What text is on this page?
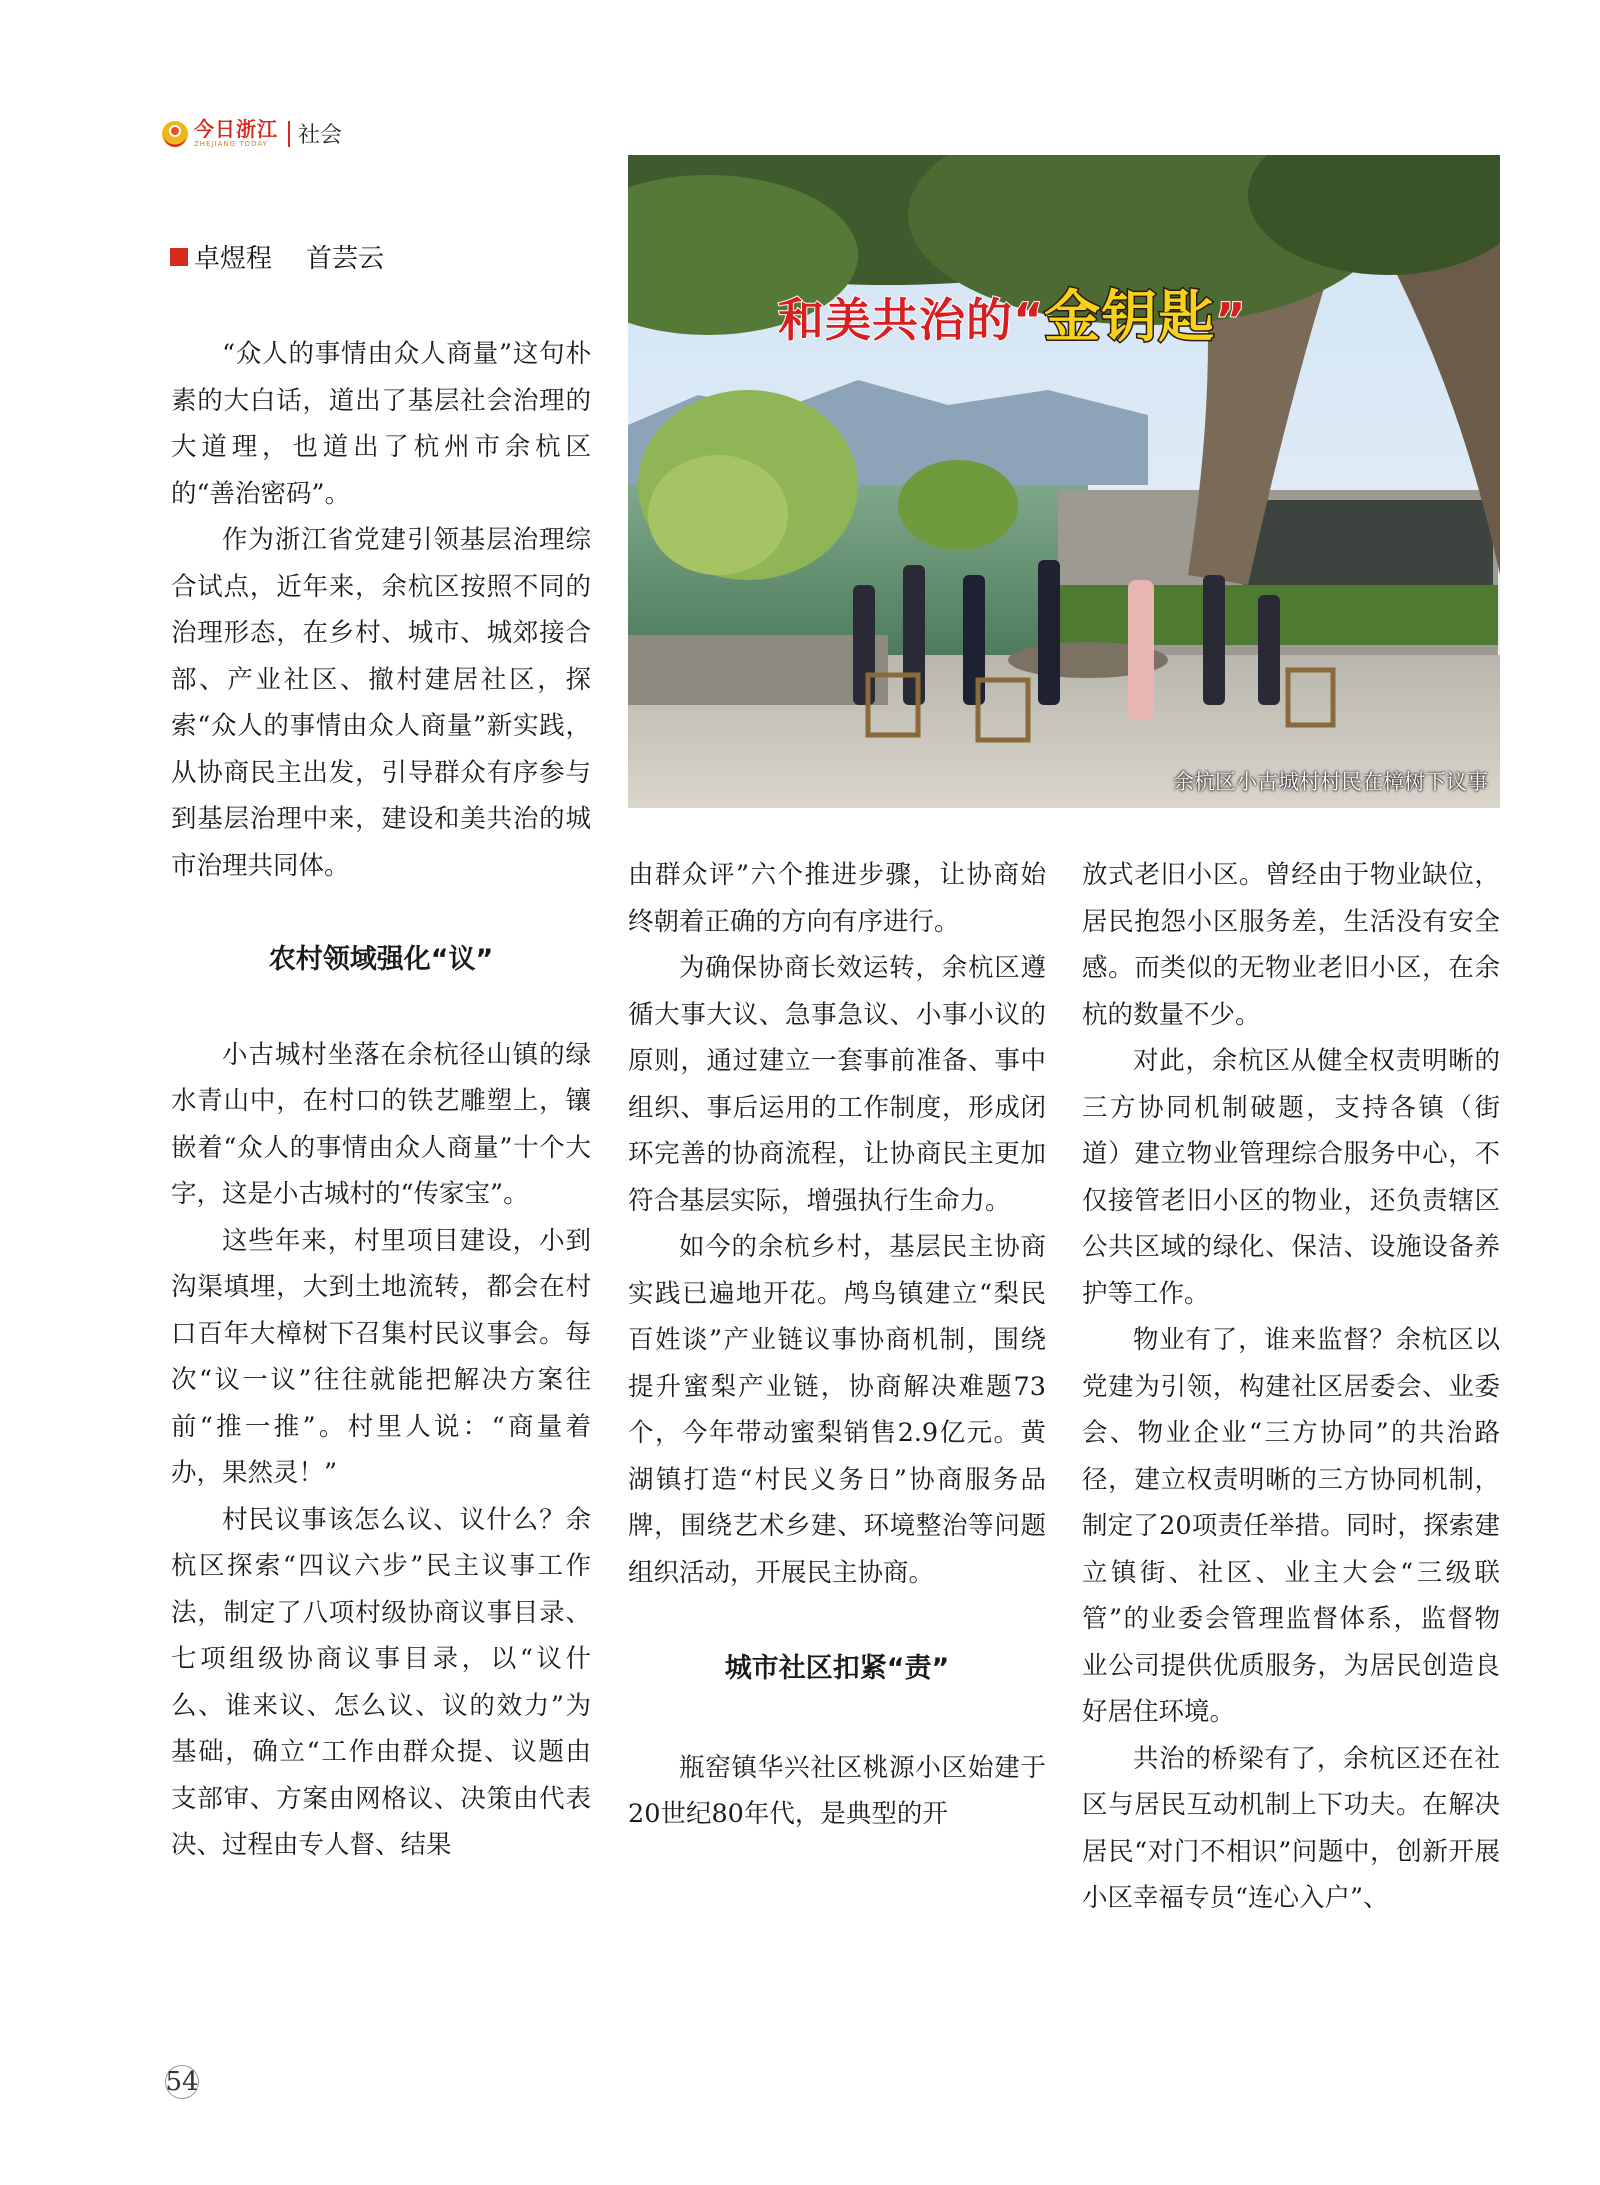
今日浙江
ZHEJIANG TODAY	社会
卓煜程 首芸云
和美共治的“金钥匙”
余杭区小古城村村民在樟树下议事

“众人的事情由众人商量”这句朴素的大白话，道出了基层社会治理的大道理，也道出了杭州市余杭区的“善治密码”。

作为浙江省党建引领基层治理综合试点，近年来，余杭区按照不同的治理形态，在乡村、城市、城郊接合部、产业社区、撤村建居社区，探索“众人的事情由众人商量”新实践，从协商民主出发，引导群众有序参与到基层治理中来，建设和美共治的城市治理共同体。

农村领域强化“议”

小古城村坐落在余杭径山镇的绿水青山中，在村口的铁艺雕塑上，镶嵌着“众人的事情由众人商量”十个大字，这是小古城村的“传家宝”。

这些年来，村里项目建设，小到沟渠填埋，大到土地流转，都会在村口百年大樟树下召集村民议事会。每次“议一议”往往就能把解决方案往前“推一推”。村里人说：“商量着办，果然灵！”

村民议事该怎么议、议什么？余杭区探索“四议六步”民主议事工作法，制定了八项村级协商议事目录、七项组级协商议事目录，以“议什么、谁来议、怎么议、议的效力”为基础，确立“工作由群众提、议题由支部审、方案由网格议、决策由代表决、过程由专人督、结果

由群众评”六个推进步骤，让协商始终朝着正确的方向有序进行。

为确保协商长效运转，余杭区遵循大事大议、急事急议、小事小议的原则，通过建立一套事前准备、事中组织、事后运用的工作制度，形成闭环完善的协商流程，让协商民主更加符合基层实际，增强执行生命力。

如今的余杭乡村，基层民主协商实践已遍地开花。鸬鸟镇建立“梨民百姓谈”产业链议事协商机制，围绕提升蜜梨产业链，协商解决难题73个，今年带动蜜梨销售2.9亿元。黄湖镇打造“村民义务日”协商服务品牌，围绕艺术乡建、环境整治等问题组织活动，开展民主协商。

城市社区扣紧“责”

瓶窑镇华兴社区桃源小区始建于20世纪80年代，是典型的开

放式老旧小区。曾经由于物业缺位，居民抱怨小区服务差，生活没有安全感。而类似的无物业老旧小区，在余杭的数量不少。

对此，余杭区从健全权责明晰的三方协同机制破题，支持各镇（街道）建立物业管理综合服务中心，不仅接管老旧小区的物业，还负责辖区公共区域的绿化、保洁、设施设备养护等工作。

物业有了，谁来监督？余杭区以党建为引领，构建社区居委会、业委会、物业企业“三方协同”的共治路径，建立权责明晰的三方协同机制，制定了20项责任举措。同时，探索建立镇街、社区、业主大会“三级联管”的业委会管理监督体系，监督物业公司提供优质服务，为居民创造良好居住环境。

共治的桥梁有了，余杭区还在社区与居民互动机制上下功夫。在解决居民“对门不相识”问题中，创新开展小区幸福专员“连心入户”、

54
